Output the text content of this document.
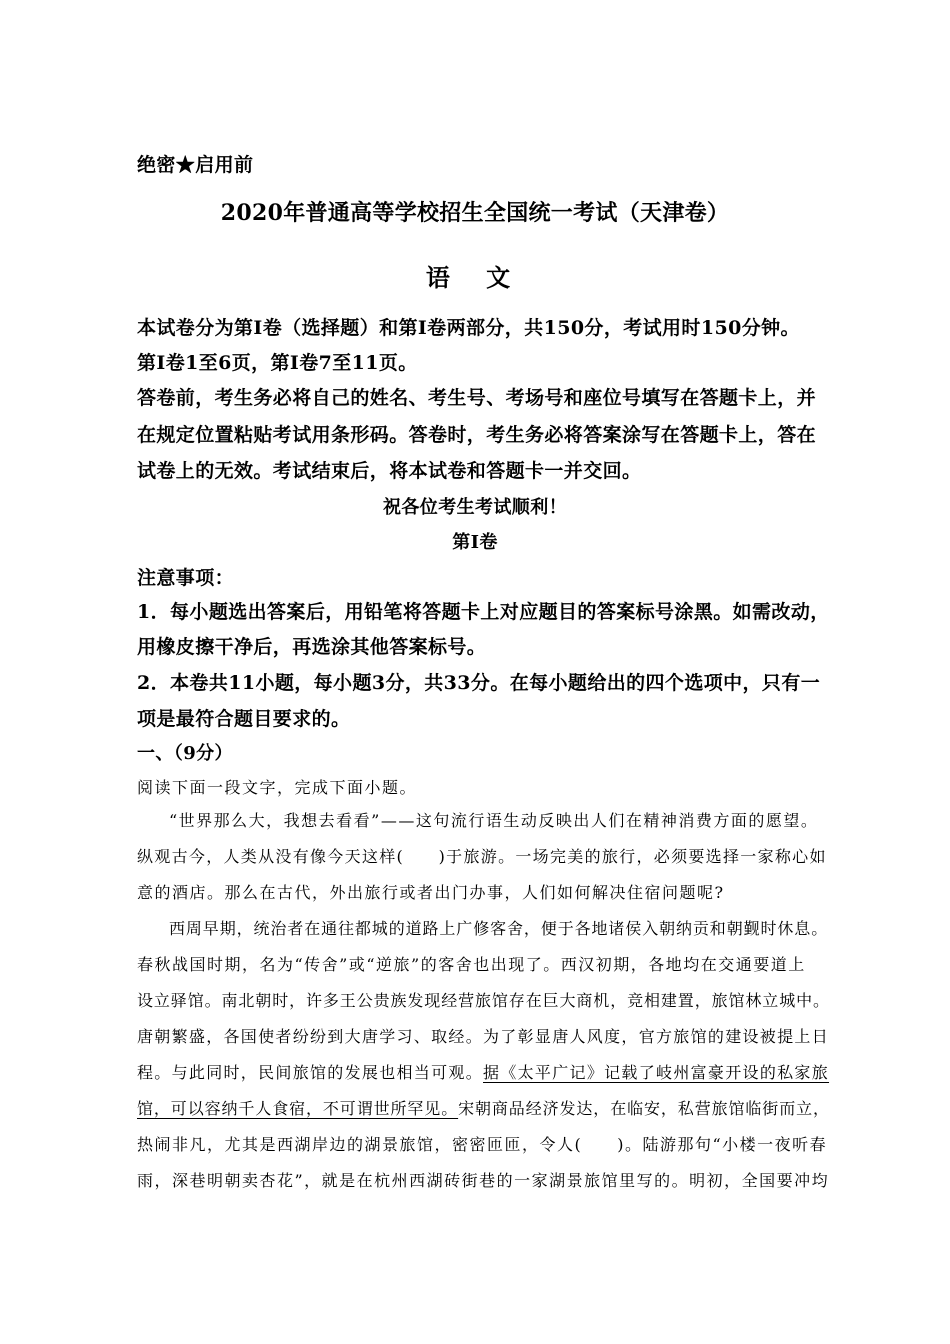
绝密★启用前
2020年普通高等学校招生全国统一考试（天津卷）
语 文
本试卷分为第Ⅰ卷（选择题）和第Ⅰ卷两部分，共150分，考试用时150分钟。
第Ⅰ卷1至6页，第Ⅰ卷7至11页。
答卷前，考生务必将自己的姓名、考生号、考场号和座位号填写在答题卡上，并
在规定位置粘贴考试用条形码。答卷时，考生务必将答案涂写在答题卡上，答在
试卷上的无效。考试结束后，将本试卷和答题卡一并交回。
祝各位考生考试顺利！
第Ⅰ卷
注意事项：
1．每小题选出答案后，用铅笔将答题卡上对应题目的答案标号涂黑。如需改动，
用橡皮擦干净后，再选涂其他答案标号。
2．本卷共11小题，每小题3分，共33分。在每小题给出的四个选项中，只有一
项是最符合题目要求的。
一、（9分）
阅读下面一段文字，完成下面小题。
“世界那么大，我想去看看”——这句流行语生动反映出人们在精神消费方面的愿望。
纵观古今，人类从没有像今天这样(　　)于旅游。一场完美的旅行，必须要选择一家称心如
意的酒店。那么在古代，外出旅行或者出门办事，人们如何解决住宿问题呢?
西周早期，统治者在通往都城的道路上广修客舍，便于各地诸侯入朝纳贡和朝觐时休息。
春秋战国时期，名为“传舍”或“逆旅”的客舍也出现了。西汉初期，各地均在交通要道上
设立驿馆。南北朝时，许多王公贵族发现经营旅馆存在巨大商机，竞相建置，旅馆林立城中。
唐朝繁盛，各国使者纷纷到大唐学习、取经。为了彰显唐人风度，官方旅馆的建设被提上日
程。与此同时，民间旅馆的发展也相当可观。据《太平广记》记载了岐州富豪开设的私家旅
馆，可以容纳千人食宿，不可谓世所罕见。宋朝商品经济发达，在临安，私营旅馆临街而立，
热闹非凡，尤其是西湖岸边的湖景旅馆，密密匝匝，令人(　　)。陆游那句“小楼一夜听春
雨，深巷明朝卖杏花”，就是在杭州西湖砖街巷的一家湖景旅馆里写的。明初，全国要冲均
